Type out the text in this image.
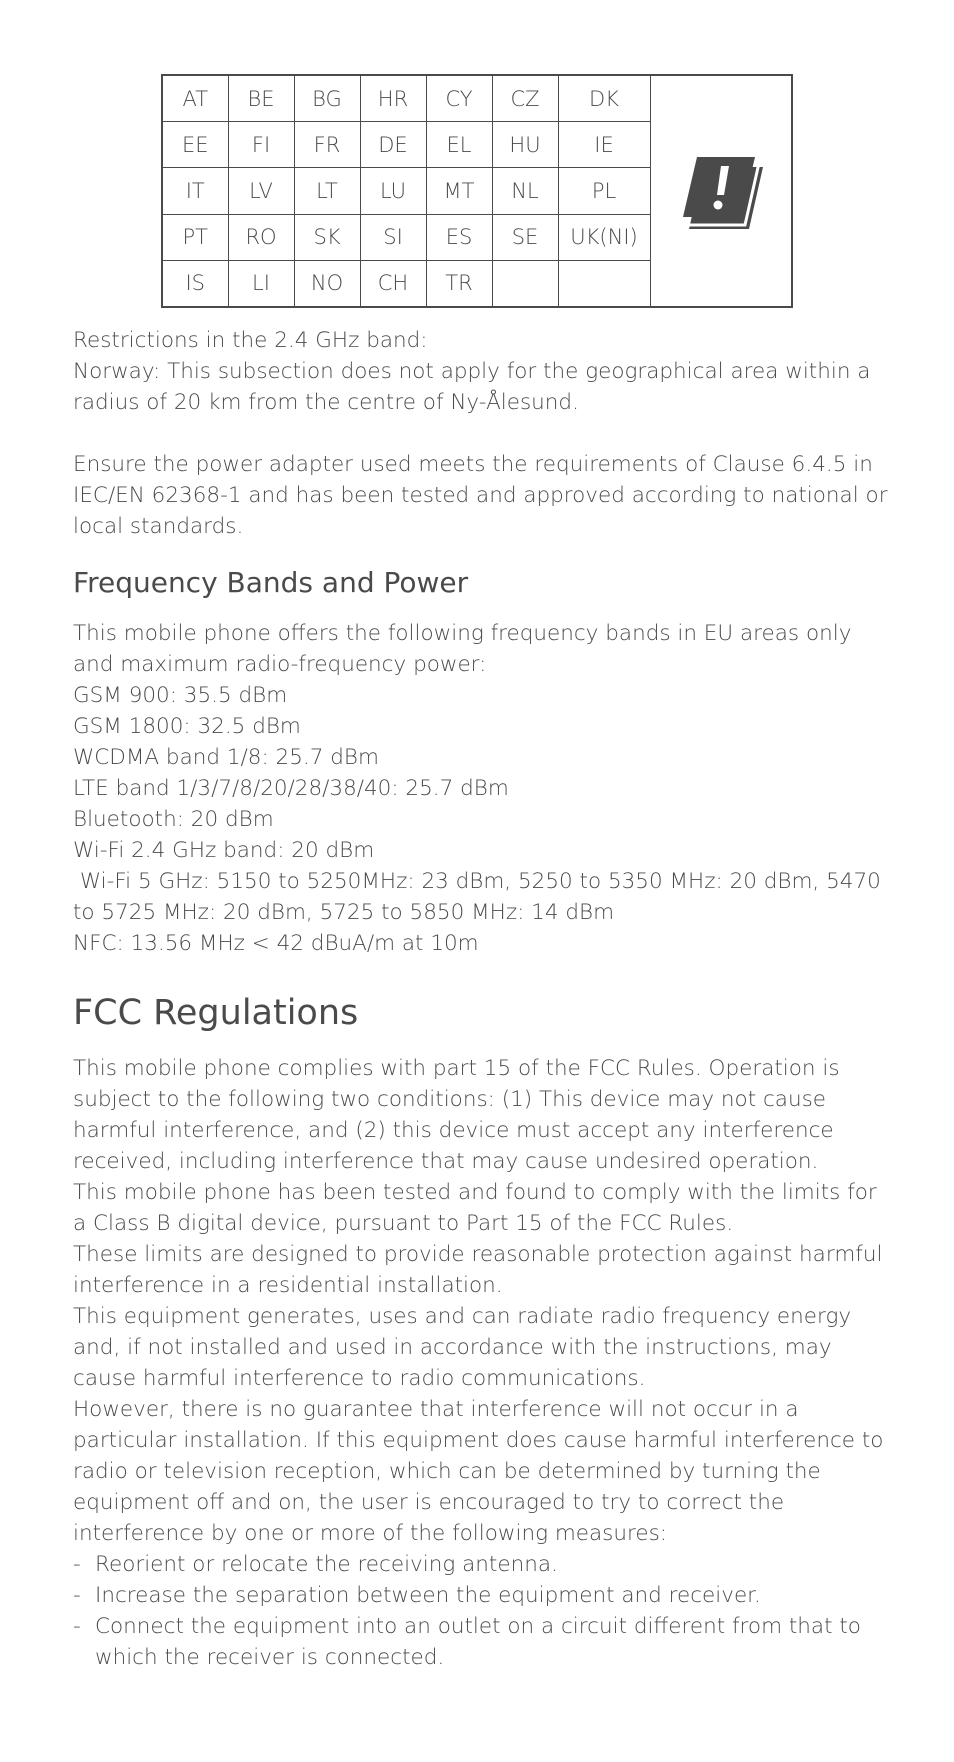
AT	BE	BG	HR	CY	CZ	DK	

EE	FI	FR	DE	EL	HU	IE	
IT	LV	LT	LU	MT	NL	PL	
PT	RO	SK	SI	ES	SE	UK(NI)	
IS	LI	NO	CH	TR			

Restrictions in the 2.4 GHz band:

Norway: This subsection does not apply for the geographical area within a radius of 20 km from the centre of Ny-Ålesund.

Ensure the power adapter used meets the requirements of Clause 6.4.5 in IEC/EN 62368-1 and has been tested and approved according to national or local standards.

Frequency Bands and Power

This mobile phone offers the following frequency bands in EU areas only and maximum radio-frequency power:

GSM 900: 35.5 dBm

GSM 1800: 32.5 dBm

WCDMA band 1/8: 25.7 dBm

LTE band 1/3/7/8/20/28/38/40: 25.7 dBm

Bluetooth: 20 dBm

Wi-Fi 2.4 GHz band: 20 dBm

Wi-Fi 5 GHz: 5150 to 5250MHz: 23 dBm, 5250 to 5350 MHz: 20 dBm, 5470 to 5725 MHz: 20 dBm, 5725 to 5850 MHz: 14 dBm

NFC: 13.56 MHz < 42 dBuA/m at 10m

FCC Regulations

This mobile phone complies with part 15 of the FCC Rules. Operation is subject to the following two conditions: (1) This device may not cause harmful interference, and (2) this device must accept any interference received, including interference that may cause undesired operation.

This mobile phone has been tested and found to comply with the limits for a Class B digital device, pursuant to Part 15 of the FCC Rules.

These limits are designed to provide reasonable protection against harmful interference in a residential installation.

This equipment generates, uses and can radiate radio frequency energy and, if not installed and used in accordance with the instructions, may cause harmful interference to radio communications.

However, there is no guarantee that interference will not occur in a particular installation. If this equipment does cause harmful interference to radio or television reception, which can be determined by turning the equipment off and on, the user is encouraged to try to correct the interference by one or more of the following measures:

- Reorient or relocate the receiving antenna.
- Increase the separation between the equipment and receiver.
- Connect the equipment into an outlet on a circuit different from that to which the receiver is connected.
